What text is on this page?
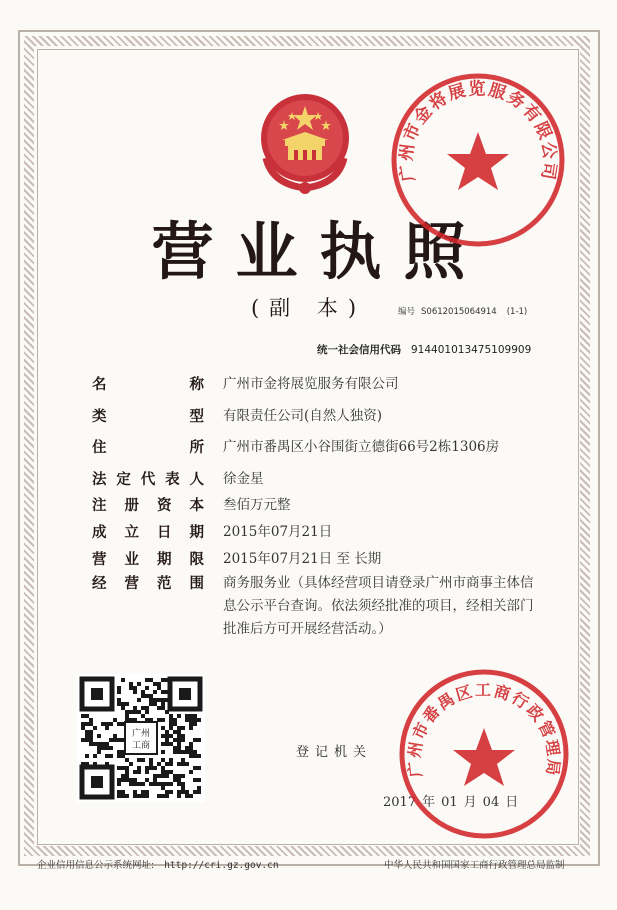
营业执照
(副 本)	编号 S0612015064914 (1-1)
统一社会信用代码 914401013475109909
名称 广州市金将展览服务有限公司
类型 有限责任公司(自然人独资)
住所 广州市番禺区小谷围街立德街66号2栋1306房
法定代表人 徐金星
注册资本 叁佰万元整
成立日期 2015年07月21日
营业期限 2015年07月21日 至 长期
经营范围 商务服务业（具体经营项目请登录广州市商事主体信息公示平台查询。依法须经批准的项目，经相关部门批准后方可开展经营活动。）
广州
工商	登记机关
2017 年 01 月 04 日
广州市金将展览服务有限公司
广州市番禺区工商行政管理局
企业信用信息公示系统网址: http://cri.gz.gov.cn	中华人民共和国国家工商行政管理总局监制
